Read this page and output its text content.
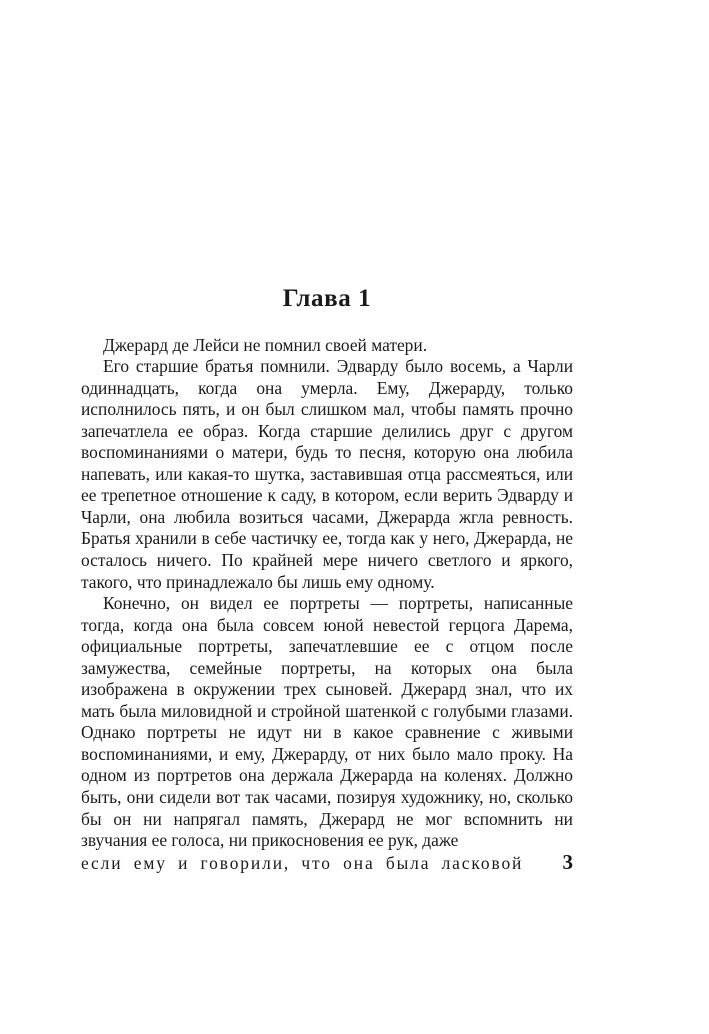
Глава 1

Джерард де Лейси не помнил своей матери.

Его старшие братья помнили. Эдварду было восемь, а Чарли одиннадцать, когда она умерла. Ему, Джерарду, только исполнилось пять, и он был слишком мал, чтобы память прочно запечатлела ее образ. Когда старшие делились друг с другом воспоминаниями о матери, будь то песня, которую она любила напевать, или какая-то шутка, заставившая отца рассмеяться, или ее трепетное отношение к саду, в котором, если верить Эдварду и Чарли, она любила возиться часами, Джерарда жгла ревность. Братья хранили в себе частичку ее, тогда как у него, Джерарда, не осталось ничего. По крайней мере ничего светлого и яркого, такого, что принадлежало бы лишь ему одному.

Конечно, он видел ее портреты — портреты, написанные тогда, когда она была совсем юной невестой герцога Дарема, официальные портреты, запечатлевшие ее с отцом после замужества, семейные портреты, на которых она была изображена в окружении трех сыновей. Джерард знал, что их мать была миловидной и стройной шатенкой с голубыми глазами. Однако портреты не идут ни в какое сравнение с живыми воспоминаниями, и ему, Джерарду, от них было мало проку. На одном из портретов она держала Джерарда на коленях. Должно быть, они сидели вот так часами, позируя художнику, но, сколько бы он ни напрягал память, Джерард не мог вспомнить ни звучания ее голоса, ни прикосновения ее рук, даже

если ему и говорили, что она была ласковой 3
